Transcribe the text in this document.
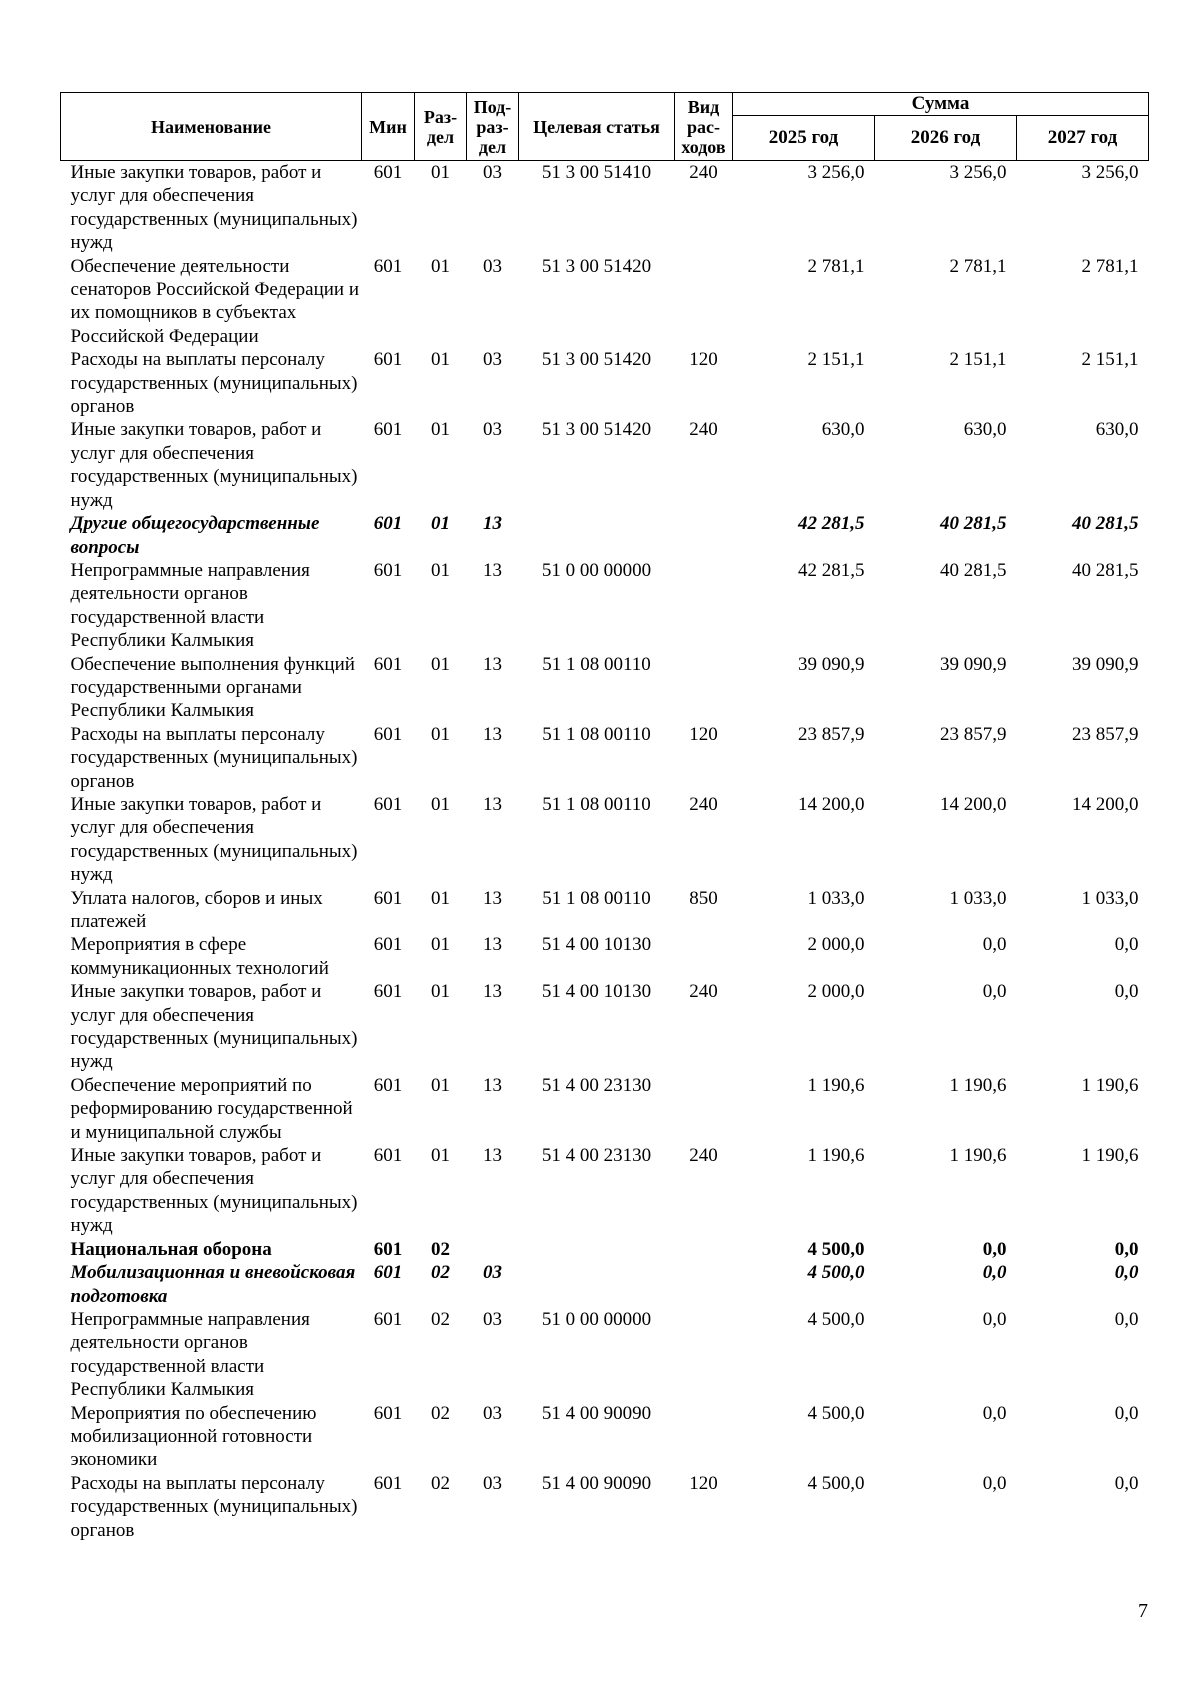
Наименование	Мин	Раз-дел	Под-раз-дел	Целевая статья	Вид рас-ходов	Сумма		
						2025 год	2026 год	2027 год
Иные закупки товаров, работ и услуг для обеспечения государственных (муниципальных) нужд	601	01	03	51 3 00 51410	240	3 256,0	3 256,0	3 256,0
Обеспечение деятельности сенаторов Российской Федерации и их помощников в субъектах Российской Федерации	601	01	03	51 3 00 51420		2 781,1	2 781,1	2 781,1
Расходы на выплаты персоналу государственных (муниципальных) органов	601	01	03	51 3 00 51420	120	2 151,1	2 151,1	2 151,1
Иные закупки товаров, работ и услуг для обеспечения государственных (муниципальных) нужд	601	01	03	51 3 00 51420	240	630,0	630,0	630,0
Другие общегосударственные вопросы	601	01	13			42 281,5	40 281,5	40 281,5
Непрограммные направления деятельности органов государственной власти Республики Калмыкия	601	01	13	51 0 00 00000		42 281,5	40 281,5	40 281,5
Обеспечение выполнения функций государственными органами Республики Калмыкия	601	01	13	51 1 08 00110		39 090,9	39 090,9	39 090,9
Расходы на выплаты персоналу государственных (муниципальных) органов	601	01	13	51 1 08 00110	120	23 857,9	23 857,9	23 857,9
Иные закупки товаров, работ и услуг для обеспечения государственных (муниципальных) нужд	601	01	13	51 1 08 00110	240	14 200,0	14 200,0	14 200,0
Уплата налогов, сборов и иных платежей	601	01	13	51 1 08 00110	850	1 033,0	1 033,0	1 033,0
Мероприятия в сфере коммуникационных технологий	601	01	13	51 4 00 10130		2 000,0	0,0	0,0
Иные закупки товаров, работ и услуг для обеспечения государственных (муниципальных) нужд	601	01	13	51 4 00 10130	240	2 000,0	0,0	0,0
Обеспечение мероприятий по реформированию государственной и муниципальной службы	601	01	13	51 4 00 23130		1 190,6	1 190,6	1 190,6
Иные закупки товаров, работ и услуг для обеспечения государственных (муниципальных) нужд	601	01	13	51 4 00 23130	240	1 190,6	1 190,6	1 190,6
Национальная оборона	601	02				4 500,0	0,0	0,0
Мобилизационная и вневойсковая подготовка	601	02	03			4 500,0	0,0	0,0
Непрограммные направления деятельности органов государственной власти Республики Калмыкия	601	02	03	51 0 00 00000		4 500,0	0,0	0,0
Мероприятия по обеспечению мобилизационной готовности экономики	601	02	03	51 4 00 90090		4 500,0	0,0	0,0
Расходы на выплаты персоналу государственных (муниципальных) органов	601	02	03	51 4 00 90090	120	4 500,0	0,0	0,0
7
